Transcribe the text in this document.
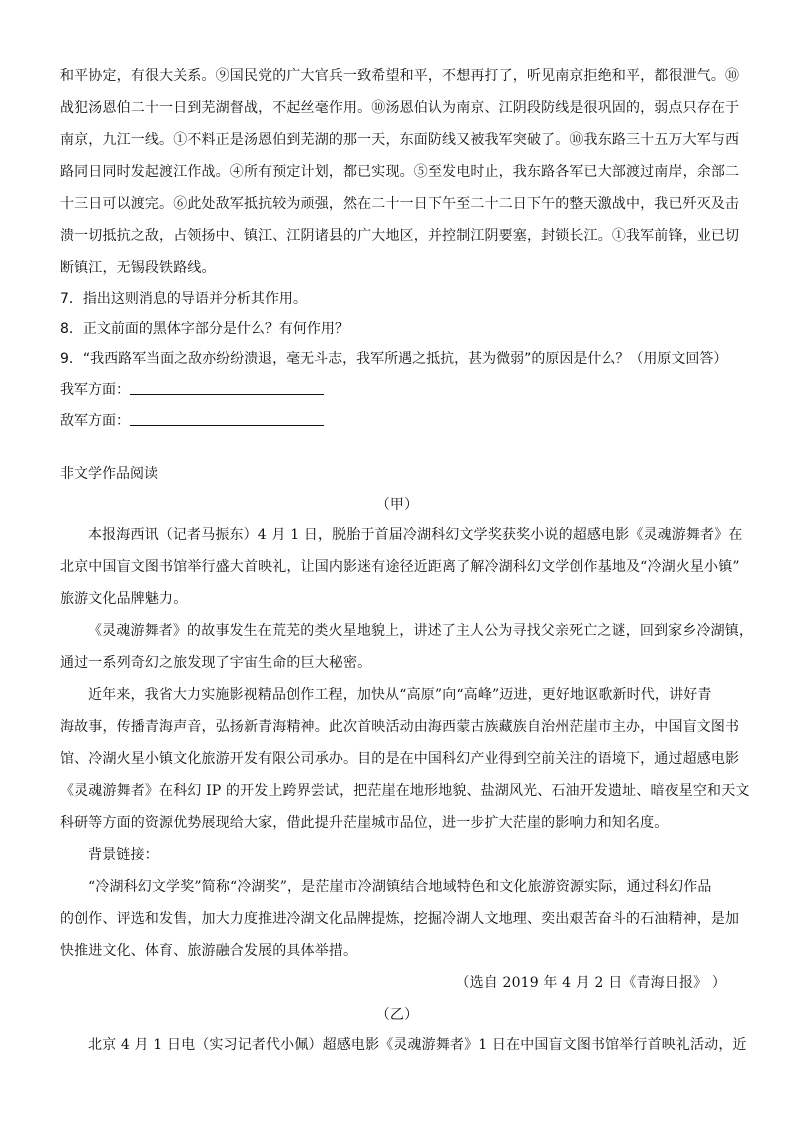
和平协定，有很大关系。⑨国民党的广大官兵一致希望和平，不想再打了，听见南京拒绝和平，都很泄气。⑩
战犯汤恩伯二十一日到芜湖督战，不起丝毫作用。⑩汤恩伯认为南京、江阴段防线是很巩固的，弱点只存在于
南京，九江一线。①不料正是汤恩伯到芜湖的那一天，东面防线又被我军突破了。⑩我东路三十五万大军与西
路同日同时发起渡江作战。④所有预定计划，都已实现。⑤至发电时止，我东路各军已大部渡过南岸，余部二
十三日可以渡完。⑥此处敌军抵抗较为顽强，然在二十一日下午至二十二日下午的整天激战中，我已歼灭及击
溃一切抵抗之敌，占领扬中、镇江、江阴诸县的广大地区，并控制江阴要塞，封锁长江。①我军前锋，业已切
断镇江，无锡段铁路线。
7．指出这则消息的导语并分析其作用。
8．正文前面的黑体字部分是什么？有何作用？
9．“我西路军当面之敌亦纷纷溃退，毫无斗志，我军所遇之抵抗，甚为微弱”的原因是什么？（用原文回答）
我军方面：
敌军方面：
非文学作品阅读
（甲）
本报海西讯（记者马振东）4 月 1 日，脱胎于首届冷湖科幻文学奖获奖小说的超感电影《灵魂游舞者》在
北京中国盲文图书馆举行盛大首映礼，让国内影迷有途径近距离了解冷湖科幻文学创作基地及“冷湖火星小镇”
旅游文化品牌魅力。
《灵魂游舞者》的故事发生在荒芜的类火星地貌上，讲述了主人公为寻找父亲死亡之谜，回到家乡冷湖镇，
通过一系列奇幻之旅发现了宇宙生命的巨大秘密。
近年来，我省大力实施影视精品创作工程，加快从“高原”向“高峰”迈进，更好地讴歌新时代，讲好青
海故事，传播青海声音，弘扬新青海精神。此次首映活动由海西蒙古族藏族自治州茫崖市主办，中国盲文图书
馆、冷湖火星小镇文化旅游开发有限公司承办。目的是在中国科幻产业得到空前关注的语境下，通过超感电影
《灵魂游舞者》在科幻 IP 的开发上跨界尝试，把茫崖在地形地貌、盐湖风光、石油开发遗址、暗夜星空和天文
科研等方面的资源优势展现给大家，借此提升茫崖城市品位，进一步扩大茫崖的影响力和知名度。
背景链接：
“冷湖科幻文学奖”简称“冷湖奖”，是茫崖市冷湖镇结合地域特色和文化旅游资源实际，通过科幻作品
的创作、评选和发售，加大力度推进冷湖文化品牌提炼，挖掘冷湖人文地理、奕出艰苦奋斗的石油精神，是加
快推进文化、体育、旅游融合发展的具体举措。
（选自 2019 年 4 月 2 日《青海日报》 ）
（乙）
北京 4 月 1 日电（实习记者代小佩）超感电影《灵魂游舞者》1 日在中国盲文图书馆举行首映礼活动，近
